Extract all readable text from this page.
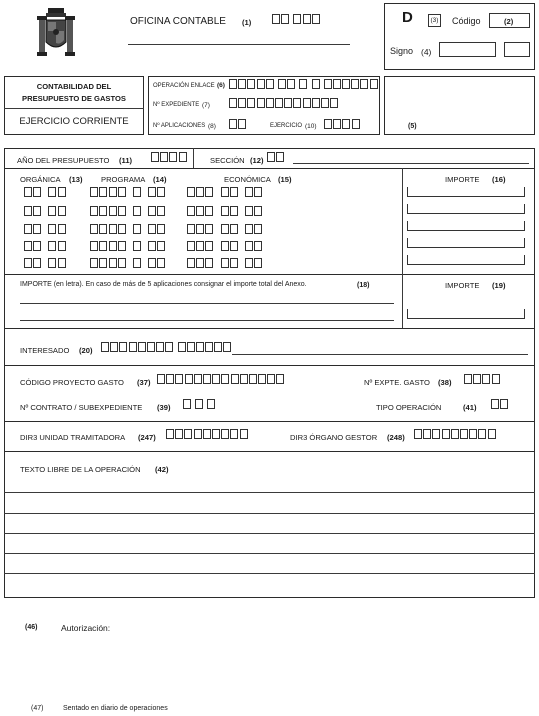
OFICINA CONTABLE (1)	D	(3) Código	(2)
Signo (4)
CONTABILIDAD DEL
PRESUPUESTO DE GASTOS
EJERCICIO CORRIENTE
OPERACIÓN ENLACE (6)
Nº EXPEDIENTE (7)
Nº APLICACIONES (8)	EJERCICIO (10)	(5)
AÑO DEL PRESUPUESTO (11)	SECCIÓN (12)
ORGÁNICA (13) PROGRAMA (14)	ECONÓMICA (15)	IMPORTE (16)

IMPORTE (en letra). En caso de más de 5 aplicaciones consignar el importe total del Anexo.	(18)	IMPORTE (19)
INTERESADO (20)
CÓDIGO PROYECTO GASTO (37)	Nº EXPTE. GASTO (38)
Nº CONTRATO / SUBEXPEDIENTE (39)	TIPO OPERACIÓN	(41)
DIR3 UNIDAD TRAMITADORA (247)	DIR3 ÓRGANO GESTOR (248)
TEXTO LIBRE DE LA OPERACIÓN (42)
(46)	Autorización:
(47)	Sentado en diario de operaciones
